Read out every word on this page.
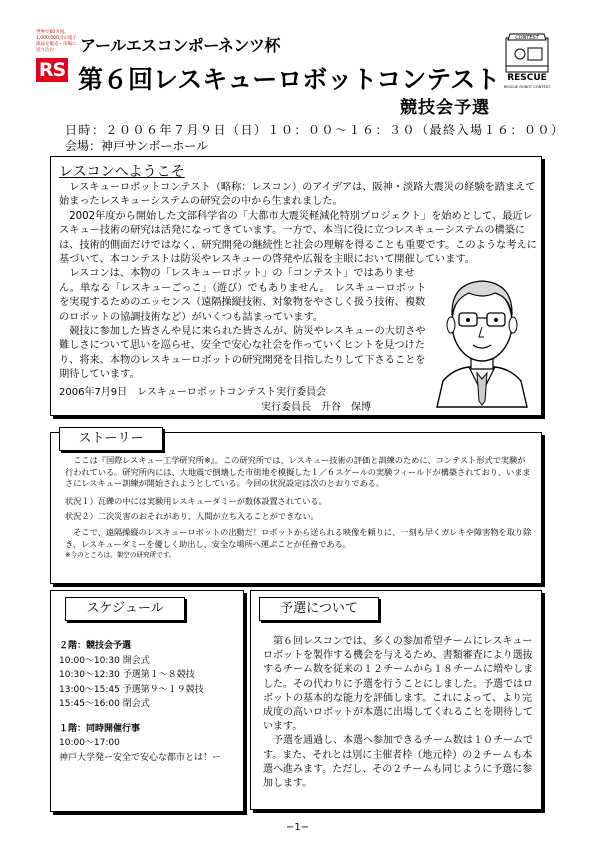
世界で60カ国、1,000,000点の電子部品を販売・市場に送り込む
RS
アールエスコンポーネンツ杯
第６回レスキューロボットコンテスト
競技会予選
CONTEST
RESCUE
RESCUE ROBOT CONTEST
日時：２００６年７月９日（日）１０：００〜１６：３０（最終入場１６：００）
会場：神戸サンボーホール
レスコンへようこそ

レスキューロボットコンテスト（略称：レスコン）のアイデアは、阪神・淡路大震災の経験を踏まえて始まったレスキューシステムの研究会の中から生まれました。

2002年度から開始した文部科学省の「大都市大震災軽減化特別プロジェクト」を始めとして、最近レスキュー技術の研究は活発になってきています。一方で、本当に役に立つレスキューシステムの構築には、技術的側面だけではなく、研究開発の継続性と社会の理解を得ることも重要です。このような考えに基づいて、本コンテストは防災やレスキューの啓発や広報を主眼において開催しています。

レスコンは、本物の「レスキューロボット」の「コンテスト」ではありません。単なる「レスキューごっこ」（遊び）でもありません。　レスキューロボットを実現するためのエッセンス（遠隔操縦技術、対象物をやさしく扱う技術、複数のロボットの協調技術など）がいくつも詰まっています。

競技に参加した皆さんや見に来られた皆さんが、防災やレスキューの大切さや難しさについて思いを巡らせ、安全で安心な社会を作っていくヒントを見つけたり、将来、本物のレスキューロボットの研究開発を目指したりして下さることを期待しています。

2006年7月9日　レスキューロボットコンテスト実行委員会
実行委員長　升谷　保博
ストーリー

ここは『国際レスキュー工学研究所※』。この研究所では、レスキュー技術の評価と訓練のために、コンテスト形式で実験が行われている。研究所内には、大地震で倒壊した市街地を模擬した１／６スケールの実験フィールドが構築されており、いままさにレスキュー訓練が開始されようとしている。今回の状況設定は次のとおりである。

状況１）瓦礫の中には実験用レスキューダミーが数体設置されている。

状況２）二次災害のおそれがあり、人間が立ち入ることができない。

そこで、遠隔操縦のレスキューロボットの出動だ！ロボットから送られる映像を頼りに、一刻も早くガレキや障害物を取り除き、レスキューダミーを優しく助出し、安全な場所へ運ぶことが任務である。

※今のところは、架空の研究所です。

スケジュール
２階：競技会予選
10:00〜10:30 開会式
10:30〜12:30 予選第１〜８競技
13:00〜15:45 予選第９〜１９競技
15:45〜16:00 閉会式
１階：同時開催行事
10:00〜17:00
神戸大学発ー安全で安心な都市とは！ー
予選について

第６回レスコンでは、多くの参加希望チームにレスキューロボットを製作する機会を与えるため、書類審査により選抜するチーム数を従来の１２チームから１８チームに増やしました。その代わりに予選を行うことにしました。予選ではロボットの基本的な能力を評価します。これによって、より完成度の高いロボットが本選に出場してくれることを期待しています。

予選を通過し、本選へ参加できるチーム数は１０チームです。また、それとは別に主催者枠（地元枠）の２チームも本選へ進みます。ただし、その２チームも同じように予選に参加します。

−1−
